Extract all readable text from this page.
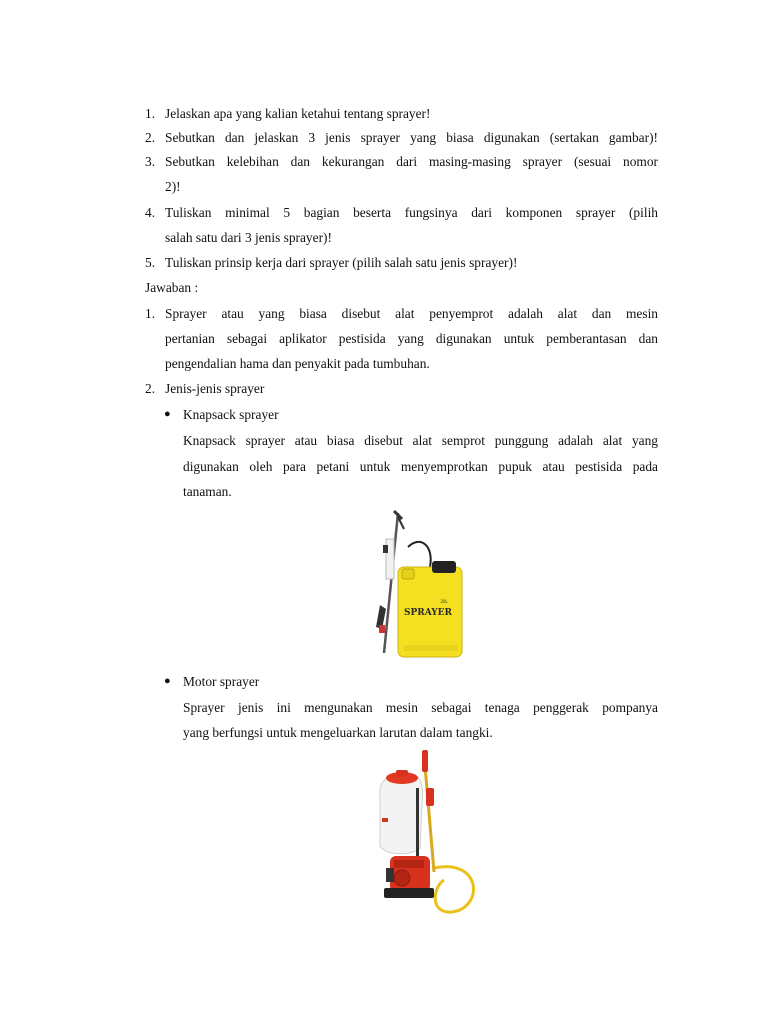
1. Jelaskan apa yang kalian ketahui tentang sprayer!
2. Sebutkan dan jelaskan 3 jenis sprayer yang biasa digunakan (sertakan gambar)!
3. Sebutkan kelebihan dan kekurangan dari masing-masing sprayer (sesuai nomor
2)!
4. Tuliskan minimal 5 bagian beserta fungsinya dari komponen sprayer (pilih
salah satu dari 3 jenis sprayer)!
5. Tuliskan prinsip kerja dari sprayer (pilih salah satu jenis sprayer)!
Jawaban :
1. Sprayer atau yang biasa disebut alat penyemprot adalah alat dan mesin
pertanian sebagai aplikator pestisida yang digunakan untuk pemberantasan dan
pengendalian hama dan penyakit pada tumbuhan.
2. Jenis-jenis sprayer
● Knapsack sprayer
Knapsack sprayer atau biasa disebut alat semprot punggung adalah alat yang
digunakan oleh para petani untuk menyemprotkan pupuk atau pestisida pada
tanaman.
SPRAYER
20L
● Motor sprayer
Sprayer jenis ini mengunakan mesin sebagai tenaga penggerak pompanya
yang berfungsi untuk mengeluarkan larutan dalam tangki.
